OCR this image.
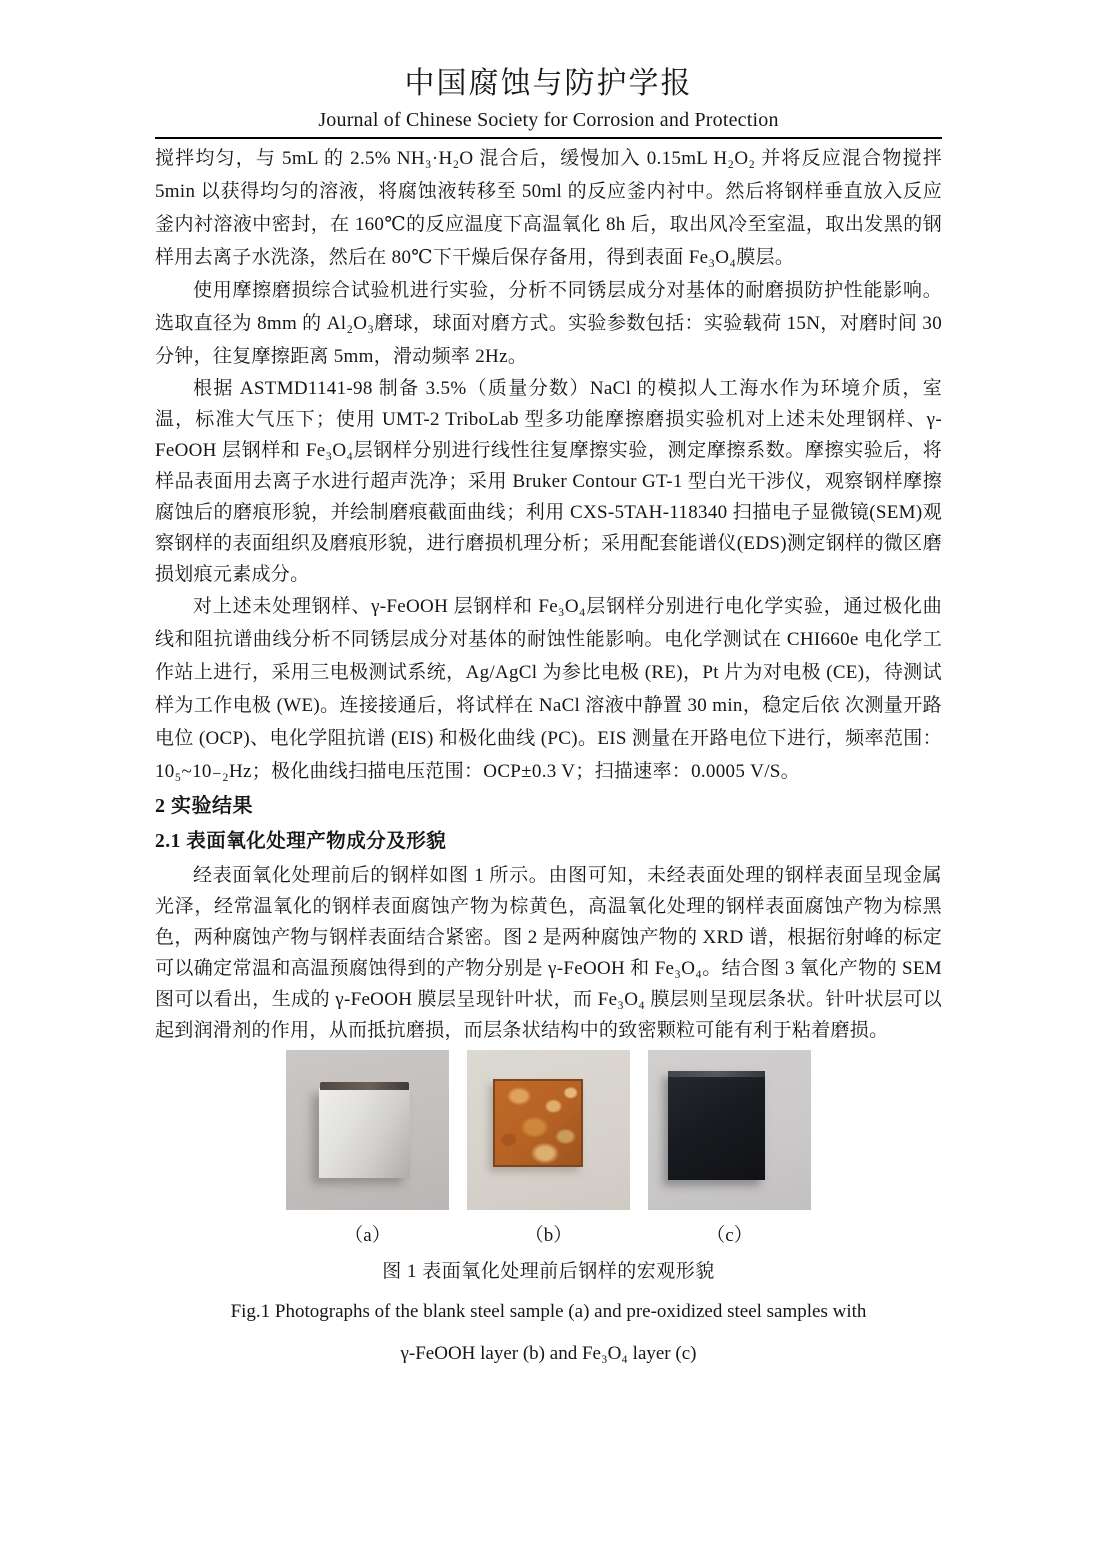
中国腐蚀与防护学报
Journal of Chinese Society for Corrosion and Protection

搅拌均匀，与 5mL 的 2.5% NH₃·H₂O 混合后，缓慢加入 0.15mL H₂O₂ 并将反应混合物搅拌 5min 以获得均匀的溶液，将腐蚀液转移至 50ml 的反应釜内衬中。然后将钢样垂直放入反应釜内衬溶液中密封，在 160℃的反应温度下高温氧化 8h 后，取出风冷至室温，取出发黑的钢样用去离子水洗涤，然后在 80℃下干燥后保存备用，得到表面 Fe₃O₄膜层。

使用摩擦磨损综合试验机进行实验，分析不同锈层成分对基体的耐磨损防护性能影响。选取直径为 8mm 的 Al₂O₃磨球，球面对磨方式。实验参数包括：实验载荷 15N，对磨时间 30 分钟，往复摩擦距离 5mm，滑动频率 2Hz。

根据 ASTMD1141-98 制备 3.5%（质量分数）NaCl 的模拟人工海水作为环境介质，室温，标准大气压下；使用 UMT-2 TriboLab 型多功能摩擦磨损实验机对上述未处理钢样、γ-FeOOH 层钢样和 Fe₃O₄层钢样分别进行线性往复摩擦实验，测定摩擦系数。摩擦实验后，将样品表面用去离子水进行超声洗净；采用 Bruker Contour GT-1 型白光干涉仪，观察钢样摩擦腐蚀后的磨痕形貌，并绘制磨痕截面曲线；利用 CXS-5TAH-118340 扫描电子显微镜(SEM)观察钢样的表面组织及磨痕形貌，进行磨损机理分析；采用配套能谱仪(EDS)测定钢样的微区磨损划痕元素成分。

对上述未处理钢样、γ-FeOOH 层钢样和 Fe₃O₄层钢样分别进行电化学实验，通过极化曲线和阻抗谱曲线分析不同锈层成分对基体的耐蚀性能影响。电化学测试在 CHI660e 电化学工作站上进行，采用三电极测试系统，Ag/AgCl 为参比电极 (RE)，Pt 片为对电极 (CE)，待测试样为工作电极 (WE)。连接接通后，将试样在 NaCl 溶液中静置 30 min，稳定后依 次测量开路电位 (OCP)、电化学阻抗谱 (EIS) 和极化曲线 (PC)。EIS 测量在开路电位下进行，频率范围：10₅~10₋₂Hz；极化曲线扫描电压范围：OCP±0.3 V；扫描速率：0.0005 V/S。

2 实验结果
2.1 表面氧化处理产物成分及形貌

经表面氧化处理前后的钢样如图 1 所示。由图可知，未经表面处理的钢样表面呈现金属光泽，经常温氧化的钢样表面腐蚀产物为棕黄色，高温氧化处理的钢样表面腐蚀产物为棕黑色，两种腐蚀产物与钢样表面结合紧密。图 2 是两种腐蚀产物的 XRD 谱，根据衍射峰的标定可以确定常温和高温预腐蚀得到的产物分别是 γ-FeOOH 和 Fe₃O₄。结合图 3 氧化产物的 SEM 图可以看出，生成的 γ-FeOOH 膜层呈现针叶状，而 Fe₃O₄ 膜层则呈现层条状。针叶状层可以起到润滑剂的作用，从而抵抗磨损，而层条状结构中的致密颗粒可能有利于粘着磨损。

（a）	（b）	（c）
图 1 表面氧化处理前后钢样的宏观形貌
Fig.1 Photographs of the blank steel sample (a) and pre-oxidized steel samples with
γ-FeOOH layer (b) and Fe₃O₄ layer (c)
